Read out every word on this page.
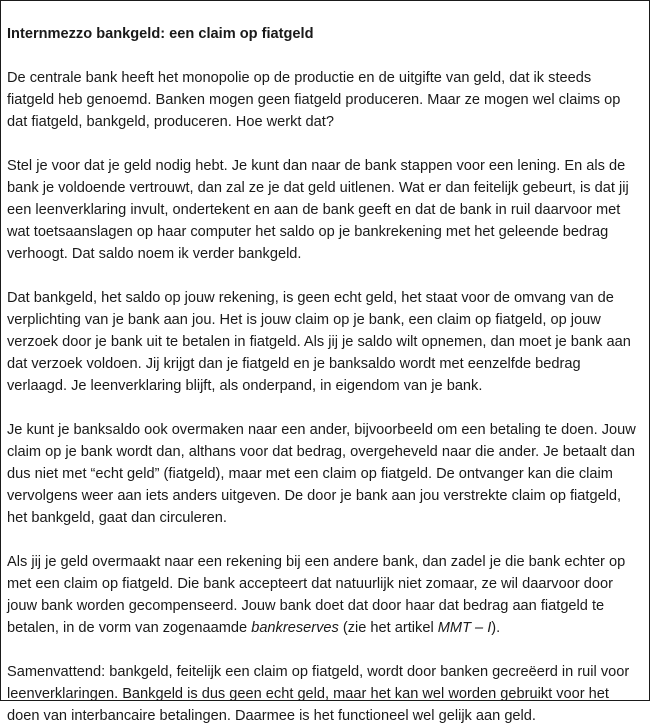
Internmezzo bankgeld: een claim op fiatgeld

De centrale bank heeft het monopolie op de productie en de uitgifte van geld, dat ik steeds fiatgeld heb genoemd. Banken mogen geen fiatgeld produceren. Maar ze mogen wel claims op dat fiatgeld, bankgeld, produceren. Hoe werkt dat?

Stel je voor dat je geld nodig hebt. Je kunt dan naar de bank stappen voor een lening. En als de bank je voldoende vertrouwt, dan zal ze je dat geld uitlenen. Wat er dan feitelijk gebeurt, is dat jij een leenverklaring invult, ondertekent en aan de bank geeft en dat de bank in ruil daarvoor met wat toetsaanslagen op haar computer het saldo op je bankrekening met het geleende bedrag verhoogt. Dat saldo noem ik verder bankgeld.

Dat bankgeld, het saldo op jouw rekening, is geen echt geld, het staat voor de omvang van de verplichting van je bank aan jou. Het is jouw claim op je bank, een claim op fiatgeld, op jouw verzoek door je bank uit te betalen in fiatgeld. Als jij je saldo wilt opnemen, dan moet je bank aan dat verzoek voldoen. Jij krijgt dan je fiatgeld en je banksaldo wordt met eenzelfde bedrag verlaagd. Je leenverklaring blijft, als onderpand, in eigendom van je bank.

Je kunt je banksaldo ook overmaken naar een ander, bijvoorbeeld om een betaling te doen. Jouw claim op je bank wordt dan, althans voor dat bedrag, overgeheveld naar die ander. Je betaalt dan dus niet met “echt geld” (fiatgeld), maar met een claim op fiatgeld. De ontvanger kan die claim vervolgens weer aan iets anders uitgeven. De door je bank aan jou verstrekte claim op fiatgeld, het bankgeld, gaat dan circuleren.

Als jij je geld overmaakt naar een rekening bij een andere bank, dan zadel je die bank echter op met een claim op fiatgeld. Die bank accepteert dat natuurlijk niet zomaar, ze wil daarvoor door jouw bank worden gecompenseerd. Jouw bank doet dat door haar dat bedrag aan fiatgeld te betalen, in de vorm van zogenaamde bankreserves (zie het artikel MMT – I).

Samenvattend: bankgeld, feitelijk een claim op fiatgeld, wordt door banken gecreëerd in ruil voor leenverklaringen. Bankgeld is dus geen echt geld, maar het kan wel worden gebruikt voor het doen van interbancaire betalingen. Daarmee is het functioneel wel gelijk aan geld.
